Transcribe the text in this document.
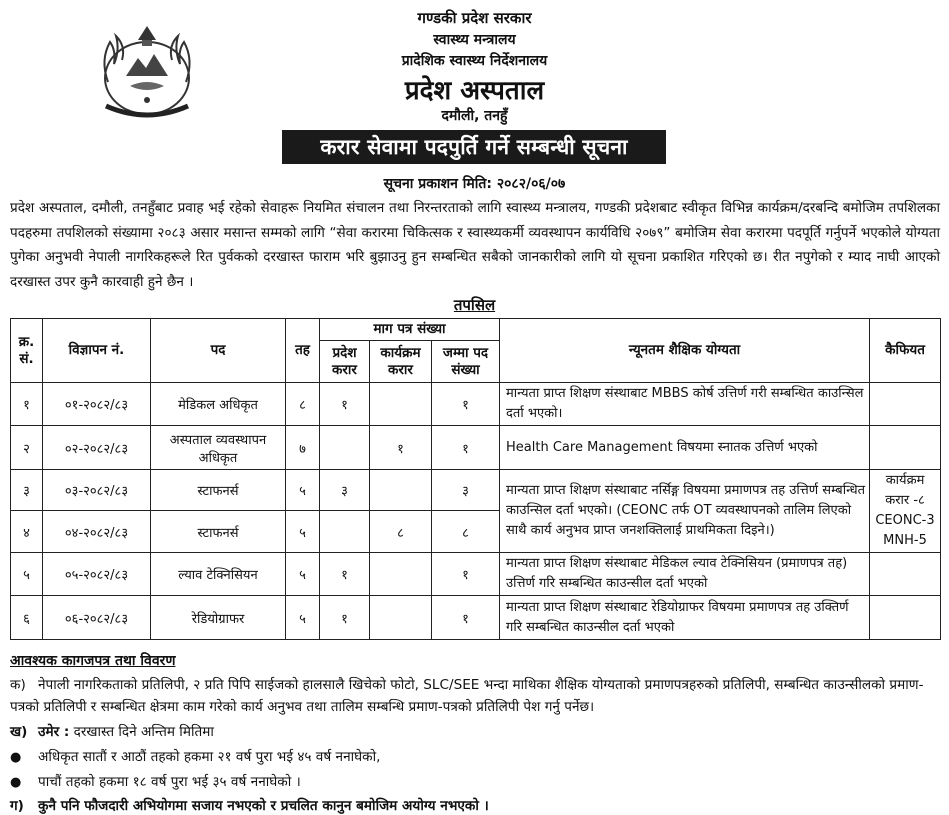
गण्डकी प्रदेश सरकार
स्वास्थ्य मन्त्रालय
प्रादेशिक स्वास्थ्य निर्देशनालय
प्रदेश अस्पताल
दमौली, तनहुँ
करार सेवामा पदपुर्ति गर्ने सम्बन्धी सूचना
सूचना प्रकाशन मिति: २०८२/०६/०७
प्रदेश अस्पताल, दमौली, तनहुँबाट प्रवाह भई रहेको सेवाहरू नियमित संचालन तथा निरन्तरताको लागि स्वास्थ्य मन्त्रालय, गण्डकी प्रदेशबाट स्वीकृत विभिन्न कार्यक्रम/दरबन्दि बमोजिम तपशिलका पदहरुमा तपशिलको संख्यामा २०८३ असार मसान्त सम्मको लागि “सेवा करारमा चिकित्सक र स्वास्थ्यकर्मी व्यवस्थापन कार्यविधि २०७९” बमोजिम सेवा करारमा पदपूर्ति गर्नुपर्ने भएकोले योग्यता पुगेका अनुभवी नेपाली नागरिकहरूले रित पुर्वकको दरखास्त फाराम भरि बुझाउनु हुन सम्बन्धित सबैको जानकारीको लागि यो सूचना प्रकाशित गरिएको छ। रीत नपुगेको र म्याद नाघी आएको दरखास्त उपर कुनै कारवाही हुने छैन ।
तपसिल
क्र. सं.	विज्ञापन नं.	पद	तह	माग पत्र संख्या			न्यूनतम शैक्षिक योग्यता	कैफियत
				प्रदेश करार	कार्यक्रम करार	जम्मा पद संख्या		
१	०१-२०८२/८३	मेडिकल अधिकृत	८	१		१	मान्यता प्राप्त शिक्षण संस्थाबाट MBBS कोर्ष उत्तिर्ण गरी सम्बन्धित काउन्सिल दर्ता भएको।	
२	०२-२०८२/८३	अस्पताल व्यवस्थापन अधिकृत	७		१	१	Health Care Management विषयमा स्नातक उत्तिर्ण भएको	
३	०३-२०८२/८३	स्टाफनर्स	५	३		३	मान्यता प्राप्त शिक्षण संस्थाबाट नर्सिङ्ग विषयमा प्रमाणपत्र तह उत्तिर्ण सम्बन्धित काउन्सिल दर्ता भएको। (CEONC तर्फ OT व्यवस्थापनको तालिम लिएको साथै कार्य अनुभव प्राप्त जनशक्तिलाई प्राथमिकता दिइने।)	कार्यक्रम
करार -८
CEONC-3
MNH-5

४	०४-२०८२/८३	स्टाफनर्स	५		८	८		
५	०५-२०८२/८३	ल्याव टेक्निसियन	५	१		१	मान्यता प्राप्त शिक्षण संस्थाबाट मेडिकल ल्याव टेक्निसियन (प्रमाणपत्र तह) उत्तिर्ण गरि सम्बन्धित काउन्सील दर्ता भएको	
६	०६-२०८२/८३	रेडियोग्राफर	५	१		१	मान्यता प्राप्त शिक्षण संस्थाबाट रेडियोग्राफर विषयमा प्रमाणपत्र तह उक्तिर्ण गरि सम्बन्धित काउन्सील दर्ता भएको	
आवश्यक कागजपत्र तथा विवरण
क) नेपाली नागरिकताको प्रतिलिपी, २ प्रति पिपि साईजको हालसालै खिचेको फोटो, SLC/SEE भन्दा माथिका शैक्षिक योग्यताको प्रमाणपत्रहरुको प्रतिलिपी, सम्बन्धित काउन्सीलको प्रमाण-पत्रको प्रतिलिपी र सम्बन्धित क्षेत्रमा काम गरेको कार्य अनुभव तथा तालिम सम्बन्धि प्रमाण-पत्रको प्रतिलिपी पेश गर्नु पर्नेछ।
ख) उमेर : दरखास्त दिने अन्तिम मितिमा
● अधिकृत सातौं र आठौं तहको हकमा २१ वर्ष पुरा भई ४५ वर्ष ननाघेको,
● पाचौं तहको हकमा १८ वर्ष पुरा भई ३५ वर्ष ननाघेको ।
ग) कुनै पनि फौजदारी अभियोगमा सजाय नभएको र प्रचलित कानुन बमोजिम अयोग्य नभएको ।
